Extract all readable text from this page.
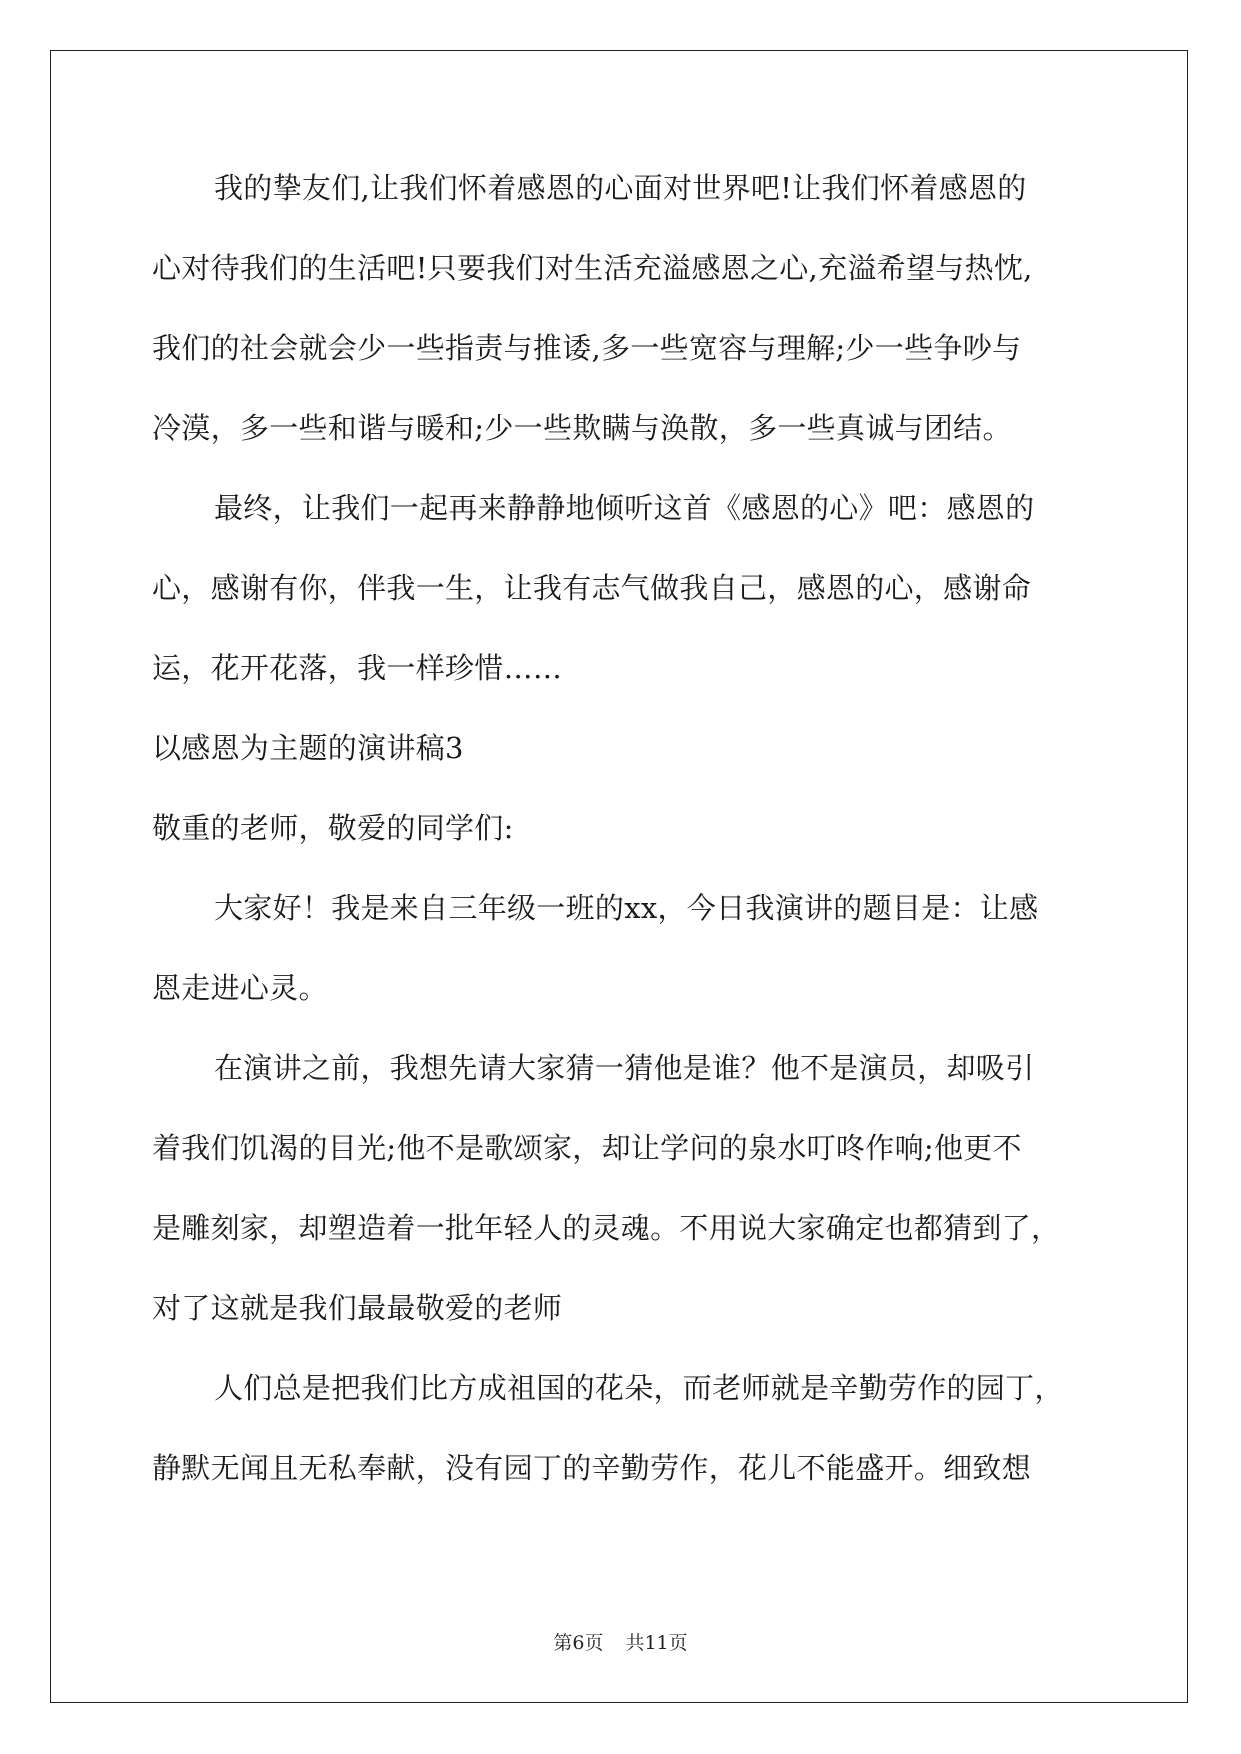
我的挚友们,让我们怀着感恩的心面对世界吧!让我们怀着感恩的
心对待我们的生活吧!只要我们对生活充溢感恩之心,充溢希望与热忱,
我们的社会就会少一些指责与推诿,多一些宽容与理解;少一些争吵与
冷漠，多一些和谐与暖和;少一些欺瞒与涣散，多一些真诚与团结。
最终，让我们一起再来静静地倾听这首《感恩的心》吧：感恩的
心，感谢有你，伴我一生，让我有志气做我自己，感恩的心，感谢命
运，花开花落，我一样珍惜……
以感恩为主题的演讲稿3
敬重的老师，敬爱的同学们:
大家好！我是来自三年级一班的xx，今日我演讲的题目是：让感
恩走进心灵。
在演讲之前，我想先请大家猜一猜他是谁？他不是演员，却吸引
着我们饥渴的目光;他不是歌颂家，却让学问的泉水叮咚作响;他更不
是雕刻家，却塑造着一批年轻人的灵魂。不用说大家确定也都猜到了，
对了这就是我们最最敬爱的老师
人们总是把我们比方成祖国的花朵，而老师就是辛勤劳作的园丁，
静默无闻且无私奉献，没有园丁的辛勤劳作，花儿不能盛开。细致想
第6页 共11页
